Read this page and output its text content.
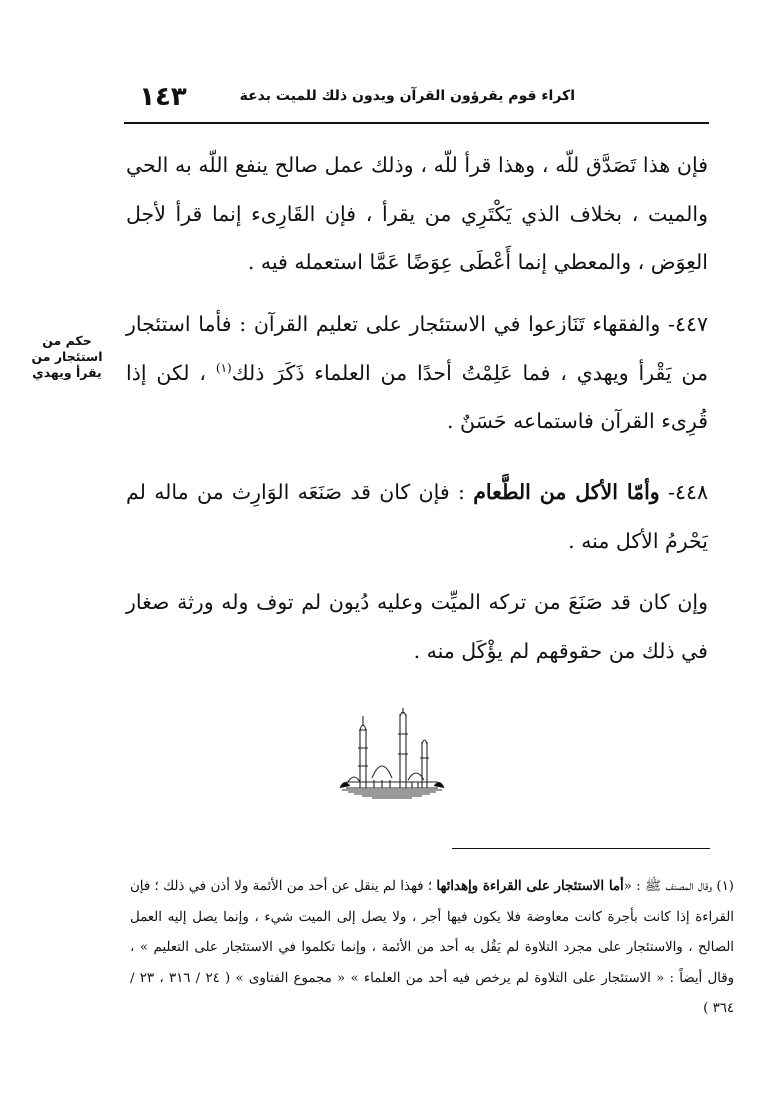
اكراء قوم يقرؤون القرآن ويدون ذلك للميت بدعة
١٤٣
فإن هذا تَصَدَّق للّه ، وهذا قرأ للّه ، وذلك عمل صالح ينفع اللّه به الحي والميت ، بخلاف الذي يَكْتَرِي من يقرأ ، فإن القَارِىء إنما قرأ لأجل العِوَض ، والمعطي إنما أَعْطَى عِوَضًا عَمَّا استعمله فيه .
٤٤٧- والفقهاء تَنَازعوا في الاستئجار على تعليم القرآن : فأما استئجار من يَقْرأ ويهدي ، فما عَلِمْتُ أحدًا من العلماء ذَكَرَ ذلك$^{(١)}$ ، لكن إذا قُرِىء القرآن فاستماعه حَسَنٌ .
حكم من
استئجار من
يقرأ ويهدي
٤٤٨- وأمّا الأكل من الطَّعام : فإن كان قد صَنَعَه الوَارِث من ماله لم يَحْرمُ الأكل منه .
وإن كان قد صَنَعَ من تركه الميِّت وعليه دُيون لم توف وله ورثة صغار في ذلك من حقوقهم لم يؤْكَل منه .
(١) وقال المصنف ﷺ : «أما الاستئجار على القراءة وإهدائها ؛ فهذا لم ينقل عن أحد من الأئمة ولا أذن في ذلك ؛ فإن القراءة إذا كانت بأجرة كانت معاوضة فلا يكون فيها أجر ، ولا يصل إلى الميت شيء ، وإنما يصل إليه العمل الصالح ، والاستئجار على مجرد التلاوة لم يَقُل به أحد من الأئمة ، وإنما تكلموا في الاستئجار على التعليم » ، وقال أيضاً : « الاستئجار على التلاوة لم يرخص فيه أحد من العلماء » « مجموع الفتاوى » ( ٢٤ / ٣١٦ ، ٢٣ / ٣٦٤ )
